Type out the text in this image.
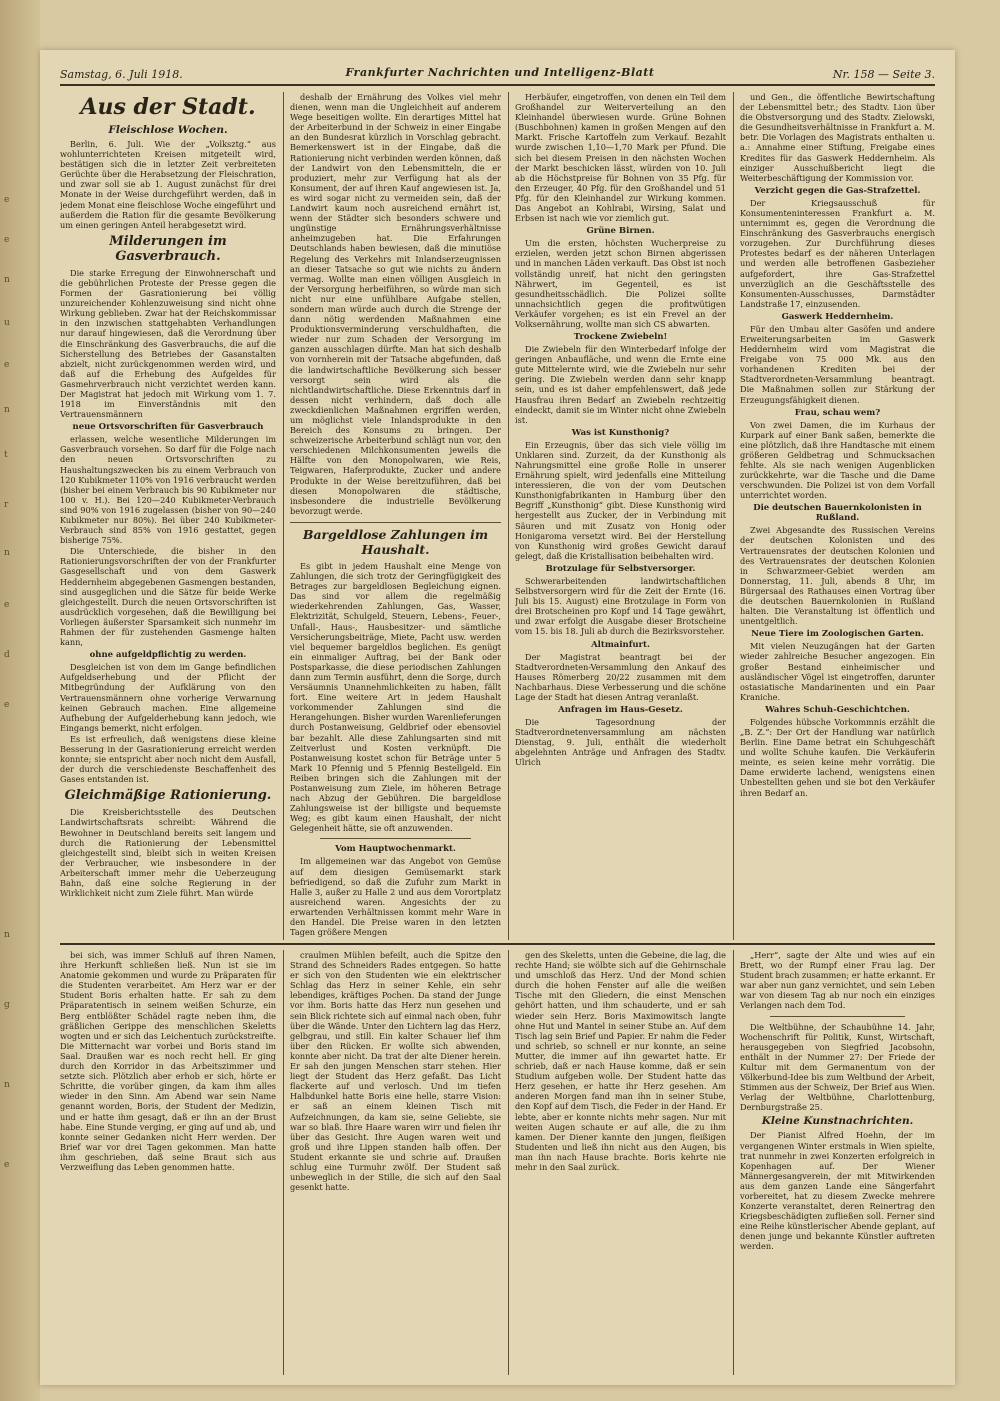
e
e
n
u
e
n
t
r
n
e
d
e
n
g
n
e
Samstag, 6. Juli 1918.	Frankfurter Nachrichten und Intelligenz-Blatt	Nr. 158 — Seite 3.
Aus der Stadt.
Fleischlose Wochen.

Berlin, 6. Juli. Wie der „Volksztg.“ aus wohlunterrichteten Kreisen mitgeteilt wird, bestätigen sich die in letzter Zeit verbreiteten Gerüchte über die Herabsetzung der Fleischration, und zwar soll sie ab 1. August zunächst für drei Monate in der Weise durchgeführt werden, daß in jedem Monat eine fleischlose Woche eingeführt und außerdem die Ration für die gesamte Bevölkerung um einen geringen Anteil herabgesetzt wird.

Milderungen im Gasverbrauch.

Die starke Erregung der Einwohnerschaft und die gebührlichen Proteste der Presse gegen die Formen der Gasrationierung bei völlig unzureichender Kohlenzuweisung sind nicht ohne Wirkung geblieben. Zwar hat der Reichskommissar in den inzwischen stattgehabten Verhandlungen nur darauf hingewiesen, daß die Verordnung über die Einschränkung des Gasverbrauchs, die auf die Sicherstellung des Betriebes der Gasanstalten abzielt, nicht zurückgenommen werden wird, und daß auf die Erhebung des Aufgeldes für Gasmehrverbrauch nicht verzichtet werden kann. Der Magistrat hat jedoch mit Wirkung vom 1. 7. 1918 im Einverständnis mit den Vertrauensmännern

neue Ortsvorschriften für Gasverbrauch

erlassen, welche wesentliche Milderungen im Gasverbrauch vorsehen. So darf für die Folge nach den neuen Ortsvorschriften zu Haushaltungszwecken bis zu einem Verbrauch von 120 Kubikmeter 110% von 1916 verbraucht werden (bisher bei einem Verbrauch bis 90 Kubikmeter nur 100 v. H.). Bei 120—240 Kubikmeter-Verbrauch sind 90% von 1916 zugelassen (bisher von 90—240 Kubikmeter nur 80%). Bei über 240 Kubikmeter-Verbrauch sind 85% von 1916 gestattet, gegen bisherige 75%.

Die Unterschiede, die bisher in den Rationierungsvorschriften der von der Frankfurter Gasgesellschaft und von dem Gaswerk Heddernheim abgegebenen Gasmengen bestanden, sind ausgeglichen und die Sätze für beide Werke gleichgestellt. Durch die neuen Ortsvorschriften ist ausdrücklich vorgesehen, daß die Bewilligung bei Vorliegen äußerster Sparsamkeit sich nunmehr im Rahmen der für zustehenden Gasmenge halten kann,

ohne aufgeldpflichtig zu werden.

Desgleichen ist von dem im Gange befindlichen Aufgeldserhebung und der Pflicht der Mitbegründung der Aufklärung von den Vertrauensmännern ohne vorherige Verwarnung keinen Gebrauch machen. Eine allgemeine Aufhebung der Aufgelderhebung kann jedoch, wie Eingangs bemerkt, nicht erfolgen.

Es ist erfreulich, daß wenigstens diese kleine Besserung in der Gasrationierung erreicht werden konnte; sie entspricht aber noch nicht dem Ausfall, der durch die verschiedenste Beschaffenheit des Gases entstanden ist.

Gleichmäßige Rationierung.

Die Kreisberichtsstelle des Deutschen Landwirtschaftsrats schreibt: Während die Bewohner in Deutschland bereits seit langem und durch die Rationierung der Lebensmittel gleichgestellt sind, bleibt sich in weiten Kreisen der Verbraucher, wie insbesondere in der Arbeiterschaft immer mehr die Ueberzeugung Bahn, daß eine solche Regierung in der Wirklichkeit nicht zum Ziele führt. Man würde

deshalb der Ernährung des Volkes viel mehr dienen, wenn man die Ungleichheit auf anderem Wege beseitigen wollte. Ein derartiges Mittel hat der Arbeiterbund in der Schweiz in einer Eingabe an den Bundesrat kürzlich in Vorschlag gebracht. Bemerkenswert ist in der Eingabe, daß die Rationierung nicht verbinden werden können, daß der Landwirt von den Lebensmitteln, die er produziert, mehr zur Verfügung hat als der Konsument, der auf ihren Kauf angewiesen ist. Ja, es wird sogar nicht zu vermeiden sein, daß der Landwirt kaum noch ausreichend ernährt ist, wenn der Städter sich besonders schwere und ungünstige Ernährungsverhältnisse anheimzugeben hat. Die Erfahrungen Deutschlands haben bewiesen, daß die minutiöse Regelung des Verkehrs mit Inlandserzeugnissen an dieser Tatsache so gut wie nichts zu ändern vermag. Wollte man einen völligen Ausgleich in der Versorgung herbeiführen, so würde man sich nicht nur eine unfühlbare Aufgabe stellen, sondern man würde auch durch die Strenge der dann nötig werdenden Maßnahmen eine Produktionsverminderung verschuldhaften, die wieder nur zum Schaden der Versorgung im ganzen ausschlagen dürfte. Man hat sich deshalb von vornherein mit der Tatsache abgefunden, daß die landwirtschaftliche Bevölkerung sich besser versorgt sein wird als die nichtlandwirtschaftliche. Diese Erkenntnis darf in dessen nicht verhindern, daß doch alle zweckdienlichen Maßnahmen ergriffen werden, um möglichst viele Inlandsprodukte in den Bereich des Konsums zu bringen. Der schweizerische Arbeiterbund schlägt nun vor, den verschiedenen Milchkonsumenten jeweils die Hälfte von den Monopolwaren, wie Reis, Teigwaren, Haferprodukte, Zucker und andere Produkte in der Weise bereitzuführen, daß bei diesen Monopolwaren die städtische, insbesondere die industrielle Bevölkerung bevorzugt werde.

Bargeldlose Zahlungen im Haushalt.

Es gibt in jedem Haushalt eine Menge von Zahlungen, die sich trotz der Geringfügigkeit des Betrages zur bargeldlosen Begleichung eignen. Das sind vor allem die regelmäßig wiederkehrenden Zahlungen, Gas, Wasser, Elektrizität, Schulgeld, Steuern, Lebens-, Feuer-, Unfall-, Haus-, Hausbesitzer- und sämtliche Versicherungsbeiträge, Miete, Pacht usw. werden viel bequemer bargeldlos beglichen. Es genügt ein einmaliger Auftrag, bei der Bank oder Postsparkasse, die diese periodischen Zahlungen dann zum Termin ausführt, denn die Sorge, durch Versäumnis Unannehmlichkeiten zu haben, fällt fort. Eine weitere Art in jedem Haushalt vorkommender Zahlungen sind die Herangehungen. Bisher wurden Warenlieferungen durch Postanweisung, Geldbrief oder ebensoviel bar bezahlt. Alle diese Zahlungsarten sind mit Zeitverlust und Kosten verknüpft. Die Postanweisung kostet schon für Beträge unter 5 Mark 10 Pfennig und 5 Pfennig Bestellgeld. Ein Reiben bringen sich die Zahlungen mit der Postanweisung zum Ziele, im höheren Betrage nach Abzug der Gebühren. Die bargeldlose Zahlungsweise ist der billigste und bequemste Weg; es gibt kaum einen Haushalt, der nicht Gelegenheit hätte, sie oft anzuwenden.

Vom Hauptwochenmarkt.

Im allgemeinen war das Angebot von Gemüse auf dem diesigen Gemüsemarkt stark befriedigend, so daß die Zufuhr zum Markt in Halle 3, außer zu Halle 2 und aus dem Vorortplatz ausreichend waren. Angesichts der zu erwartenden Verhältnissen kommt mehr Ware in den Handel. Die Preise waren in den letzten Tagen größere Mengen

Herbäufer, eingetroffen, von denen ein Teil dem Großhandel zur Weiterverteilung an den Kleinhandel überwiesen wurde. Grüne Bohnen (Buschbohnen) kamen in großen Mengen auf den Markt. Frische Kartoffeln zum Verkauf. Bezahlt wurde zwischen 1,10—1,70 Mark per Pfund. Die sich bei diesem Preisen in den nächsten Wochen der Markt beschicken lässt, würden von 10. Juli ab die Höchstpreise für Bohnen von 35 Pfg. für den Erzeuger, 40 Pfg. für den Großhandel und 51 Pfg. für den Kleinhandel zur Wirkung kommen. Das Angebot an Kohlrabi, Wirsing, Salat und Erbsen ist nach wie vor ziemlich gut.

Grüne Birnen.

Um die ersten, höchsten Wucherpreise zu erzielen, werden jetzt schon Birnen abgerissen und in manchen Läden verkauft. Das Obst ist noch vollständig unreif, hat nicht den geringsten Nährwert, im Gegenteil, es ist gesundheitsschädlich. Die Polizei sollte unnachsichtlich gegen die profitwütigen Verkäufer vorgehen; es ist ein Frevel an der Volksernährung, wollte man sich CS abwarten.

Trockene Zwiebeln!

Die Zwiebeln für den Winterbedarf infolge der geringen Anbaufläche, und wenn die Ernte eine gute Mittelernte wird, wie die Zwiebeln nur sehr gering. Die Zwiebeln werden dann sehr knapp sein, und es ist daher empfehlenswert, daß jede Hausfrau ihren Bedarf an Zwiebeln rechtzeitig eindeckt, damit sie im Winter nicht ohne Zwiebeln ist.

Was ist Kunsthonig?

Ein Erzeugnis, über das sich viele völlig im Unklaren sind. Zurzeit, da der Kunsthonig als Nahrungsmittel eine große Rolle in unserer Ernährung spielt, wird jedenfalls eine Mitteilung interessieren, die von der vom Deutschen Kunsthonigfabrikanten in Hamburg über den Begriff „Kunsthonig“ gibt. Diese Kunsthonig wird hergestellt aus Zucker, der in Verbindung mit Säuren und mit Zusatz von Honig oder Honigaroma versetzt wird. Bei der Herstellung von Kunsthonig wird großes Gewicht darauf gelegt, daß die Kristallisation beibehalten wird.

Brotzulage für Selbstversorger.

Schwerarbeitenden landwirtschaftlichen Selbstversorgern wird für die Zeit der Ernte (16. Juli bis 15. August) eine Brotzulage in Form von drei Brotscheinen pro Kopf und 14 Tage gewährt, und zwar erfolgt die Ausgabe dieser Brotscheine vom 15. bis 18. Juli ab durch die Bezirksvorsteher.

Altmainfurt.

Der Magistrat beantragt bei der Stadtverordneten-Versammlung den Ankauf des Hauses Römerberg 20/22 zusammen mit dem Nachbarhaus. Diese Verbesserung und die schöne Lage der Stadt hat diesen Antrag veranlaßt.

Anfragen im Haus-Gesetz.

Die Tagesordnung der Stadtverordnetenversammlung am nächsten Dienstag, 9. Juli, enthält die wiederholt abgelehnten Anträge und Anfragen des Stadtv. Ulrich

und Gen., die öffentliche Bewirtschaftung der Lebensmittel betr.; des Stadtv. Lion über die Obstversorgung und des Stadtv. Zielowski, die Gesundheitsverhältnisse in Frankfurt a. M. betr. Die Vorlagen des Magistrats enthalten u. a.: Annahme einer Stiftung, Freigabe eines Kredites für das Gaswerk Heddernheim. Als einziger Ausschußbericht liegt die Weiterbeschäftigung der Kommission vor.

Verzicht gegen die Gas-Strafzettel.

Der Kriegsausschuß für Konsumenteninteressen Frankfurt a. M. unternimmt es, gegen die Verordnung die Einschränkung des Gasverbrauchs energisch vorzugehen. Zur Durchführung dieses Protestes bedarf es der näheren Unterlagen und werden alle betroffenen Gasbezieher aufgefordert, ihre Gas-Strafzettel unverzüglich an die Geschäftsstelle des Konsumenten-Ausschusses, Darmstädter Landstraße 17, einzusenden.

Gaswerk Heddernheim.

Für den Umbau alter Gasöfen und andere Erweiterungsarbeiten im Gaswerk Heddernheim wird vom Magistrat die Freigabe von 75 000 Mk. aus den vorhandenen Krediten bei der Stadtverordneten-Versammlung beantragt. Die Maßnahmen sollen zur Stärkung der Erzeugungsfähigkeit dienen.

Frau, schau wem?

Von zwei Damen, die im Kurhaus der Kurpark auf einer Bank saßen, bemerkte die eine plötzlich, daß ihre Handtasche mit einem größeren Geldbetrag und Schmucksachen fehlte. Als sie nach wenigen Augenblicken zurückkehrte, war die Tasche und die Dame verschwunden. Die Polizei ist von dem Vorfall unterrichtet worden.

Die deutschen Bauernkolonisten in Rußland.

Zwei Abgesandte des Russischen Vereins der deutschen Kolonisten und des Vertrauensrates der deutschen Kolonien und des Vertrauensrates der deutschen Kolonien in Schwarzmeer-Gebiet werden am Donnerstag, 11. Juli, abends 8 Uhr, im Bürgersaal des Rathauses einen Vortrag über die deutschen Bauernkolonien in Rußland halten. Die Veranstaltung ist öffentlich und unentgeltlich.

Neue Tiere im Zoologischen Garten.

Mit vielen Neuzugängen hat der Garten wieder zahlreiche Besucher angezogen. Ein großer Bestand einheimischer und ausländischer Vögel ist eingetroffen, darunter ostasiatische Mandarinenten und ein Paar Kraniche.

Wahres Schuh-Geschichtchen.

Folgendes hübsche Vorkommnis erzählt die „B. Z.“: Der Ort der Handlung war natürlich Berlin. Eine Dame betrat ein Schuhgeschäft und wollte Schuhe kaufen. Die Verkäuferin meinte, es seien keine mehr vorrätig. Die Dame erwiderte lachend, wenigstens einen Unbestellten gehen und sie bot den Verkäufer ihren Bedarf an.

bei sich, was immer Schluß auf ihren Namen, ihre Herkunft schließen ließ. Nun ist sie im Anatomie gekommen und wurde zu Präparaten für die Studenten verarbeitet. Am Herz war er der Student Boris erhalten hatte. Er sah zu dem Präparatentisch in seinem weißen Schurze, ein Berg entblößter Schädel ragte neben ihm, die gräßlichen Gerippe des menschlichen Skeletts wogten und er sich das Leichentuch zurückstreifte. Die Mitternacht war vorbei und Boris stand im Saal. Draußen war es noch recht hell. Er ging durch den Korridor in das Arbeitszimmer und setzte sich. Plötzlich aber erhob er sich, hörte er Schritte, die vorüber gingen, da kam ihm alles wieder in den Sinn. Am Abend war sein Name genannt worden, Boris, der Student der Medizin, und er hatte ihm gesagt, daß er ihn an der Brust habe. Eine Stunde verging, er ging auf und ab, und konnte seiner Gedanken nicht Herr werden. Der Brief war vor drei Tagen gekommen. Man hatte ihm geschrieben, daß seine Braut sich aus Verzweiflung das Leben genommen hatte.

craulmen Mühlen befeilt, auch die Spitze den Strand des Schneiders Rades entgegen. So hatte er sich von den Studenten wie ein elektrischer Schlag das Herz in seiner Kehle, ein sehr lebendiges, kräftiges Pochen. Da stand der Junge vor ihm. Boris hatte das Herz nun gesehen und sein Blick richtete sich auf einmal nach oben, fuhr über die Wände. Unter den Lichtern lag das Herz, gelbgrau, und still. Ein kalter Schauer lief ihm über den Rücken. Er wollte sich abwenden, konnte aber nicht. Da trat der alte Diener herein. Er sah den jungen Menschen starr stehen. Hier liegt der Student das Herz gefaßt. Das Licht flackerte auf und verlosch. Und im tiefen Halbdunkel hatte Boris eine helle, starre Vision: er saß an einem kleinen Tisch mit Aufzeichnungen, da kam sie, seine Geliebte, sie war so blaß. Ihre Haare waren wirr und fielen ihr über das Gesicht. Ihre Augen waren weit und groß und ihre Lippen standen halb offen. Der Student erkannte sie und schrie auf. Draußen schlug eine Turmuhr zwölf. Der Student saß unbeweglich in der Stille, die sich auf den Saal gesenkt hatte.

gen des Skeletts, unten die Gebeine, die lag, die rechte Hand; sie wölbte sich auf die Gehirnschale und umschloß das Herz. Und der Mond schien durch die hohen Fenster auf alle die weißen Tische mit den Gliedern, die einst Menschen gehört hatten, und ihm schauderte, und er sah wieder sein Herz. Boris Maximowitsch langte ohne Hut und Mantel in seiner Stube an. Auf dem Tisch lag sein Brief und Papier. Er nahm die Feder und schrieb, so schnell er nur konnte, an seine Mutter, die immer auf ihn gewartet hatte. Er schrieb, daß er nach Hause komme, daß er sein Studium aufgeben wolle. Der Student hatte das Herz gesehen, er hatte ihr Herz gesehen. Am anderen Morgen fand man ihn in seiner Stube, den Kopf auf dem Tisch, die Feder in der Hand. Er lebte, aber er konnte nichts mehr sagen. Nur mit weiten Augen schaute er auf alle, die zu ihm kamen. Der Diener kannte den jungen, fleißigen Studenten und ließ ihn nicht aus den Augen, bis man ihn nach Hause brachte. Boris kehrte nie mehr in den Saal zurück.

„Herr“, sagte der Alte und wies auf ein Brett, wo der Rumpf einer Frau lag. Der Student brach zusammen; er hatte erkannt. Er war aber nun ganz vernichtet, und sein Leben war von diesem Tag ab nur noch ein einziges Verlangen nach dem Tod.

Die Weltbühne, der Schaubühne 14. Jahr, Wochenschrift für Politik, Kunst, Wirtschaft, herausgegeben von Siegfried Jacobsohn, enthält in der Nummer 27: Der Friede der Kultur mit dem Germanentum von der Völkerbund-Idee bis zum Weltbund der Arbeit, Stimmen aus der Schweiz, Der Brief aus Wien. Verlag der Weltbühne, Charlottenburg, Dernburgstraße 25.

Kleine Kunstnachrichten.

Der Pianist Alfred Hoehn, der im vergangenen Winter erstmals in Wien spielte, trat nunmehr in zwei Konzerten erfolgreich in Kopenhagen auf. Der Wiener Männergesangverein, der mit Mitwirkenden aus dem ganzen Lande eine Sängerfahrt vorbereitet, hat zu diesem Zwecke mehrere Konzerte veranstaltet, deren Reinertrag den Kriegsbeschädigten zufließen soll. Ferner sind eine Reihe künstlerischer Abende geplant, auf denen junge und bekannte Künstler auftreten werden.
